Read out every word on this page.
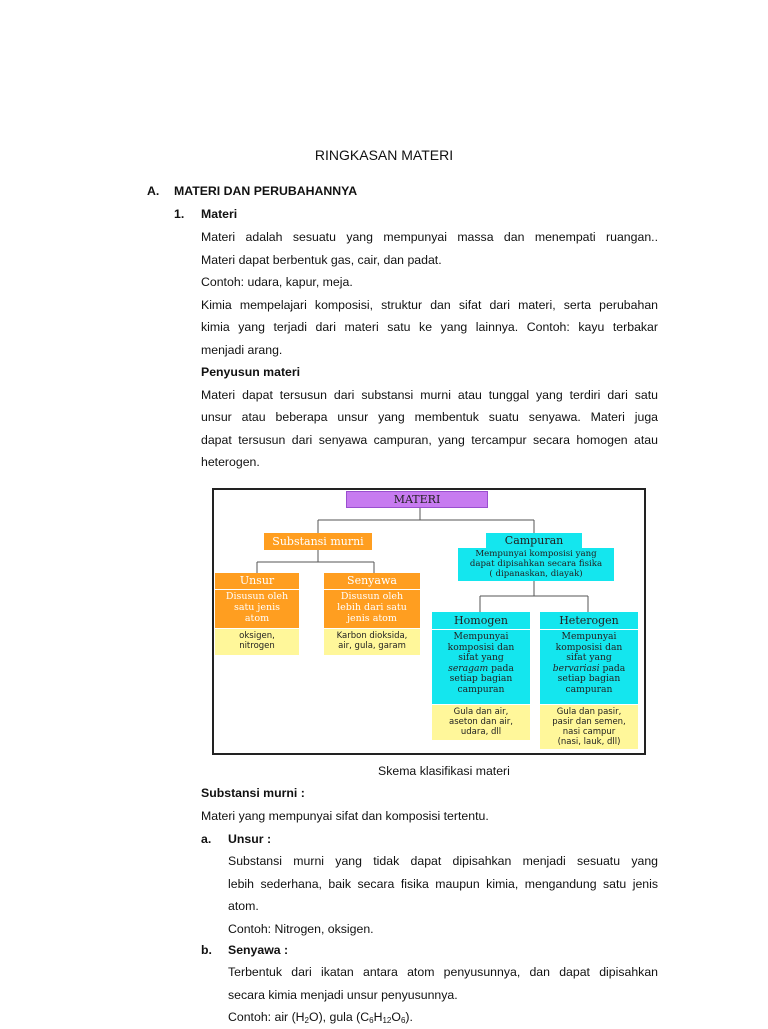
RINGKASAN MATERI
A. MATERI DAN PERUBAHANNYA
1. Materi
Materi adalah sesuatu yang mempunyai massa dan menempati ruangan..
Materi dapat berbentuk gas, cair, dan padat.
Contoh: udara, kapur, meja.
Kimia mempelajari komposisi, struktur dan sifat dari materi, serta perubahan
kimia yang terjadi dari materi satu ke yang lainnya. Contoh: kayu terbakar
menjadi arang.
Penyusun materi
Materi dapat tersusun dari substansi murni atau tunggal yang terdiri dari satu
unsur atau beberapa unsur yang membentuk suatu senyawa. Materi juga
dapat tersusun dari senyawa campuran, yang tercampur secara homogen atau
heterogen.
MATERI
Substansi murni	Campuran
Mempunyai komposisi yang
dapat dipisahkan secara fisika
( dipanaskan, diayak)
Unsur
Disusun oleh
satu jenis
atom
oksigen,
nitrogen
Senyawa
Disusun oleh
lebih dari satu
jenis atom
Karbon dioksida,
air, gula, garam
Homogen
Mempunyai
komposisi dan
sifat yang
seragam pada
setiap bagian
campuran
Gula dan air,
aseton dan air,
udara, dll
Heterogen
Mempunyai
komposisi dan
sifat yang
bervariasi pada
setiap bagian
campuran
Gula dan pasir,
pasir dan semen,
nasi campur
(nasi, lauk, dll)
Skema klasifikasi materi
Substansi murni :
Materi yang mempunyai sifat dan komposisi tertentu.
a. Unsur :
Substansi murni yang tidak dapat dipisahkan menjadi sesuatu yang
lebih sederhana, baik secara fisika maupun kimia, mengandung satu jenis
atom.
Contoh: Nitrogen, oksigen.
b. Senyawa :
Terbentuk dari ikatan antara atom penyusunnya, dan dapat dipisahkan
secara kimia menjadi unsur penyusunnya.
Contoh: air $(H_2O)$, gula $(C_6H_{12}O_6)$.
